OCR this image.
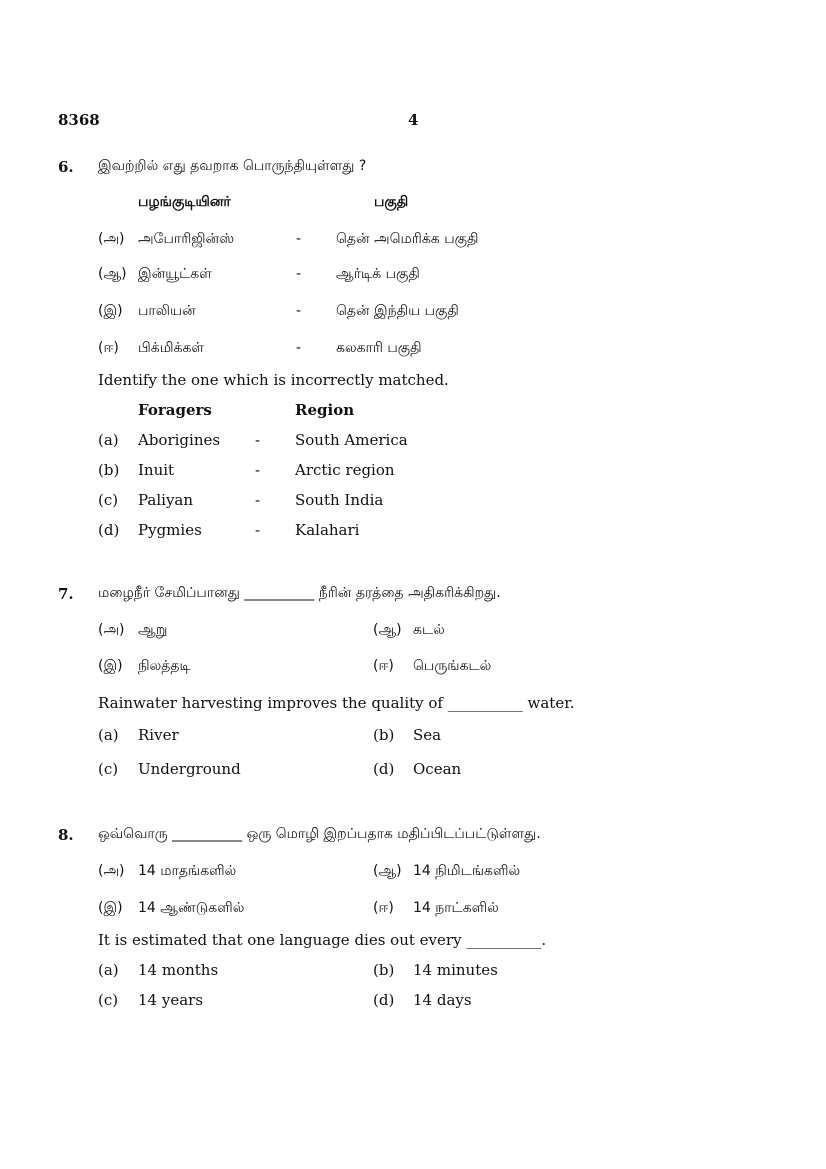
8368	4
6. இவற்றில் எது தவறாக பொருந்தியுள்ளது ?
பழங்குடியினா்	பகுதி
(அ) அபோரிஜின்ஸ்	- தென் அமெரிக்க பகுதி
(ஆ) இன்யூட்கள்	- ஆர்டிக் பகுதி
(இ) பாலியன்	- தென் இந்திய பகுதி
(ஈ) பிக்மிக்கள்	- கலகாரி பகுதி
Identify the one which is incorrectly matched.
Foragers	Region
(a) Aborigines - South America
(b) Inuit	- Arctic region
(c) Paliyan	- South India
(d) Pygmies	- Kalahari
7. மழைநீர் சேமிப்பானது __________ நீரின் தரத்தை அதிகரிக்கிறது.
(அ) ஆறு	(ஆ) கடல்
(இ) நிலத்தடி	(ஈ) பெருங்கடல்
Rainwater harvesting improves the quality of __________ water.
(a) River	(b) Sea
(c) Underground	(d) Ocean
8. ஒவ்வொரு __________ ஒரு மொழி இறப்பதாக மதிப்பிடப்பட்டுள்ளது.
(அ) 14 மாதங்களில்	(ஆ) 14 நிமிடங்களில்
(இ) 14 ஆண்டுகளில்	(ஈ) 14 நாட்களில்
It is estimated that one language dies out every __________.
(a) 14 months	(b) 14 minutes
(c) 14 years	(d) 14 days
